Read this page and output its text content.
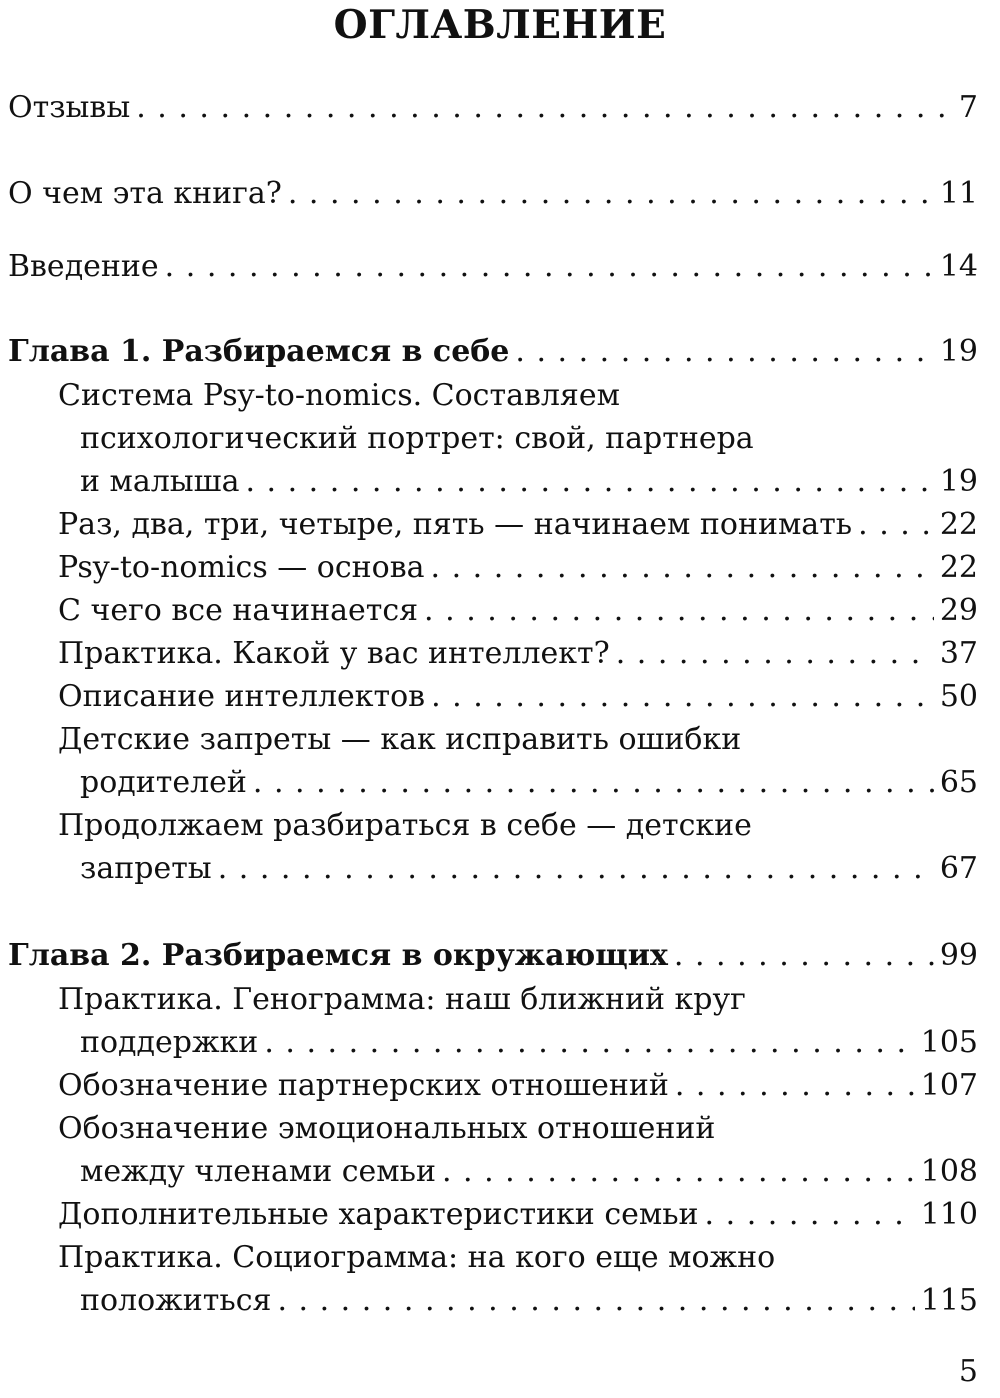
ОГЛАВЛЕНИЕ
Отзывы . . .	7
О чем эта книга? . . .	11
Введение . . .	14
Глава 1. Разбираемся в себе . . .	19
Система Psy-to-nomics. Составляем
психологический портрет: свой, партнера
и малыша . . .	19
Раз, два, три, четыре, пять — начинаем понимать . . .	22
Psy-to-nomics — основа . . .	22
С чего все начинается . . .	29
Практика. Какой у вас интеллект? . . .	37
Описание интеллектов . . .	50
Детские запреты — как исправить ошибки
родителей . . .	65
Продолжаем разбираться в себе — детские
запреты . . .	67
Глава 2. Разбираемся в окружающих . . .	99
Практика. Генограмма: наш ближний круг
поддержки . . .	105
Обозначение партнерских отношений . . .	107
Обозначение эмоциональных отношений
между членами семьи . . .	108
Дополнительные характеристики семьи . . .	110
Практика. Социограмма: на кого еще можно
положиться . . .	115
5
